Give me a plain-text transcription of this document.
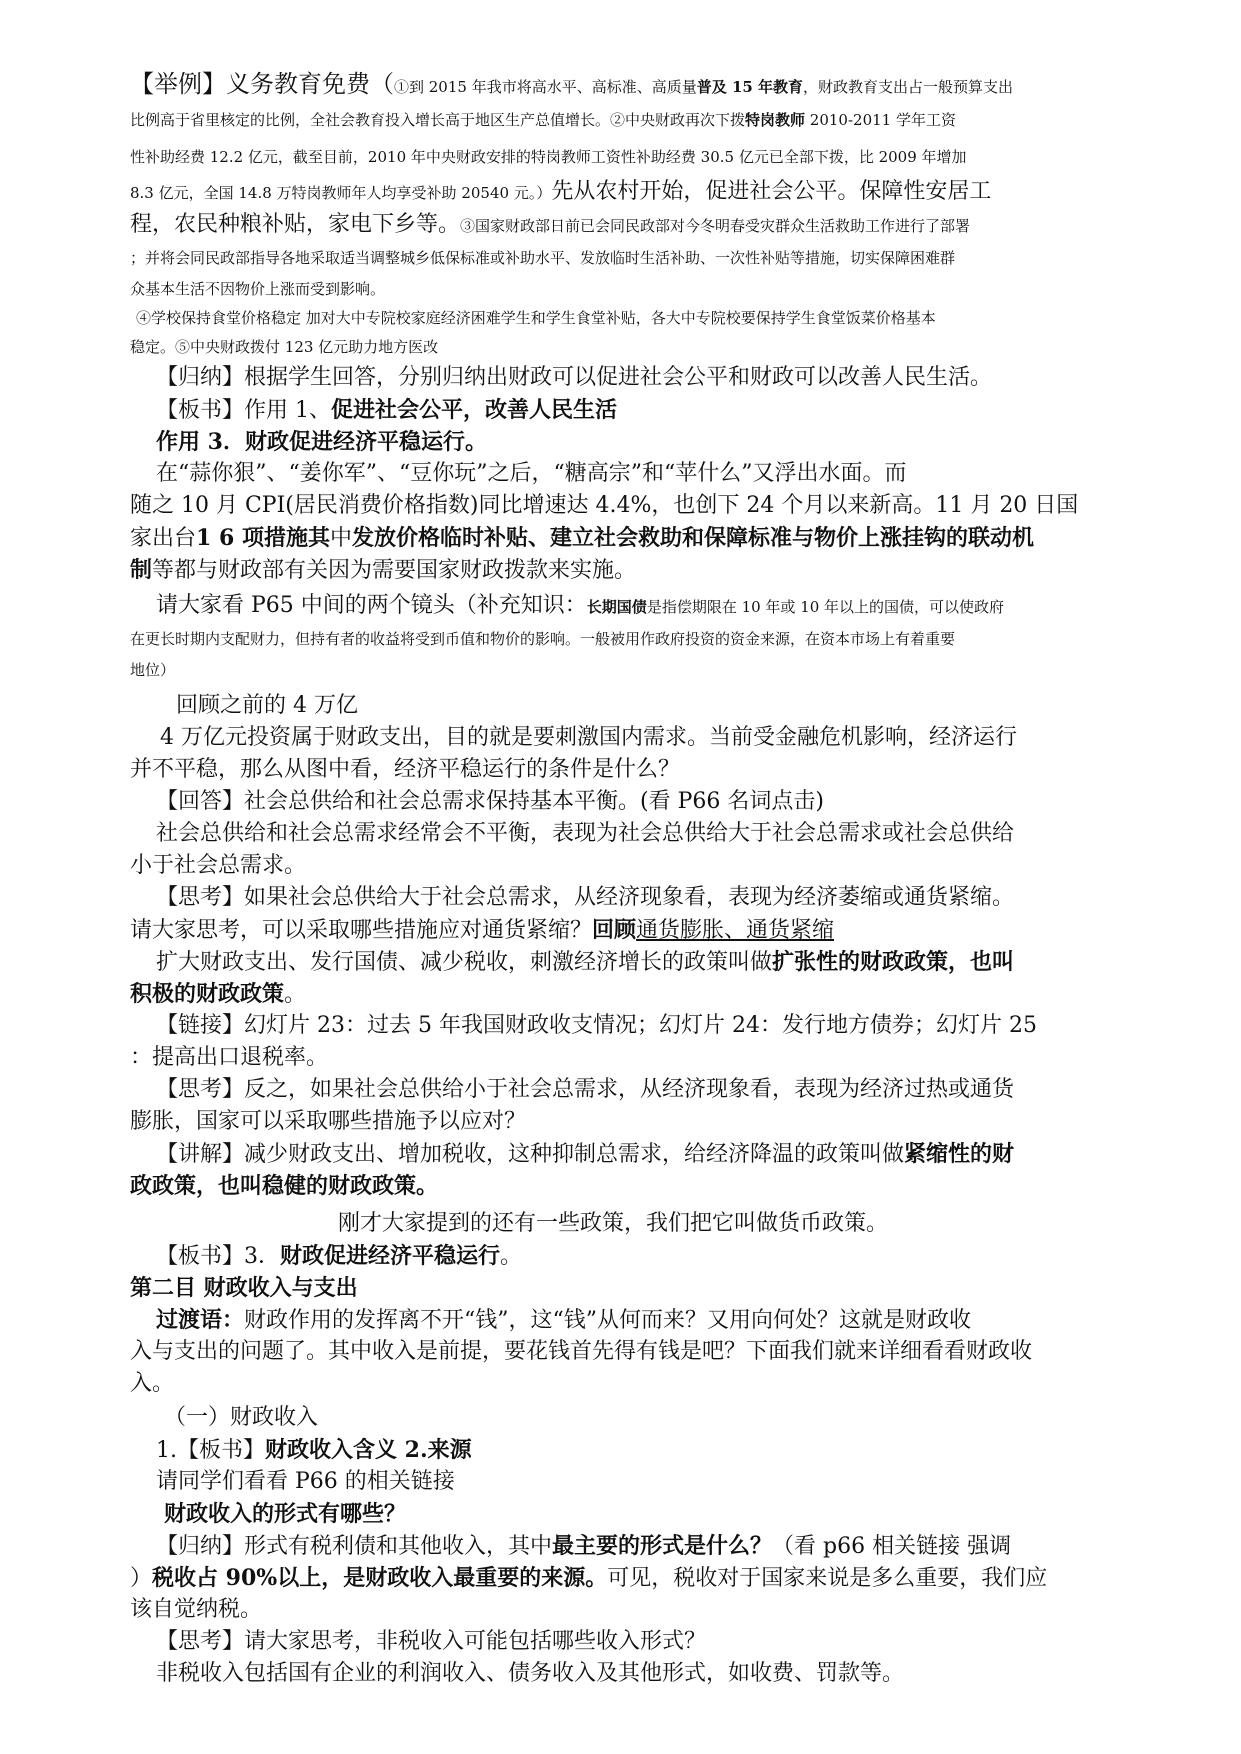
【举例】义务教育免费（①到 2015 年我市将高水平、高标准、高质量普及 15 年教育，财政教育支出占一般预算支出
比例高于省里核定的比例，全社会教育投入增长高于地区生产总值增长。②中央财政再次下拨特岗教师 2010-2011 学年工资
性补助经费 12.2 亿元，截至目前，2010 年中央财政安排的特岗教师工资性补助经费 30.5 亿元已全部下拨，比 2009 年增加
8.3 亿元，全国 14.8 万特岗教师年人均享受补助 20540 元。）先从农村开始，促进社会公平。保障性安居工
程，农民种粮补贴，家电下乡等。③国家财政部日前已会同民政部对今冬明春受灾群众生活救助工作进行了部署
；并将会同民政部指导各地采取适当调整城乡低保标准或补助水平、发放临时生活补助、一次性补贴等措施，切实保障困难群
众基本生活不因物价上涨而受到影响。
④学校保持食堂价格稳定 加对大中专院校家庭经济困难学生和学生食堂补贴，各大中专院校要保持学生食堂饭菜价格基本
稳定。⑤中央财政拨付 123 亿元助力地方医改
【归纳】根据学生回答，分别归纳出财政可以促进社会公平和财政可以改善人民生活。
【板书】作用 1、促进社会公平，改善人民生活
作用 3．财政促进经济平稳运行。
在“蒜你狠”、“姜你军”、“豆你玩”之后，“糖高宗”和“苹什么”又浮出水面。而
随之 10 月 CPI(居民消费价格指数)同比增速达 4.4%，也创下 24 个月以来新高。11 月 20 日国
家出台1 6 项措施其中发放价格临时补贴、建立社会救助和保障标准与物价上涨挂钩的联动机
制等都与财政部有关因为需要国家财政拨款来实施。
请大家看 P65 中间的两个镜头（补充知识：长期国债是指偿期限在 10 年或 10 年以上的国债，可以使政府
在更长时期内支配财力，但持有者的收益将受到币值和物价的影响。一般被用作政府投资的资金来源，在资本市场上有着重要
地位）
回顾之前的 4 万亿
4 万亿元投资属于财政支出，目的就是要刺激国内需求。当前受金融危机影响，经济运行
并不平稳，那么从图中看，经济平稳运行的条件是什么？
【回答】社会总供给和社会总需求保持基本平衡。(看 P66 名词点击)
社会总供给和社会总需求经常会不平衡，表现为社会总供给大于社会总需求或社会总供给
小于社会总需求。
【思考】如果社会总供给大于社会总需求，从经济现象看，表现为经济萎缩或通货紧缩。
请大家思考，可以采取哪些措施应对通货紧缩？回顾通货膨胀、通货紧缩
扩大财政支出、发行国债、减少税收，刺激经济增长的政策叫做扩张性的财政政策，也叫
积极的财政政策。
【链接】幻灯片 23：过去 5 年我国财政收支情况；幻灯片 24：发行地方债券；幻灯片 25
：提高出口退税率。
【思考】反之，如果社会总供给小于社会总需求，从经济现象看，表现为经济过热或通货
膨胀，国家可以采取哪些措施予以应对？
【讲解】减少财政支出、增加税收，这种抑制总需求，给经济降温的政策叫做紧缩性的财
政政策，也叫稳健的财政政策。
刚才大家提到的还有一些政策，我们把它叫做货币政策。
【板书】3．财政促进经济平稳运行。
第二目 财政收入与支出
过渡语：财政作用的发挥离不开“钱”，这“钱”从何而来？又用向何处？这就是财政收
入与支出的问题了。其中收入是前提，要花钱首先得有钱是吧？下面我们就来详细看看财政收
入。
（一）财政收入
1.【板书】财政收入含义 2.来源
请同学们看看 P66 的相关链接
财政收入的形式有哪些？
【归纳】形式有税利债和其他收入，其中最主要的形式是什么？（看 p66 相关链接 强调
）税收占 90%以上，是财政收入最重要的来源。可见，税收对于国家来说是多么重要，我们应
该自觉纳税。
【思考】请大家思考，非税收入可能包括哪些收入形式？
非税收入包括国有企业的利润收入、债务收入及其他形式，如收费、罚款等。
